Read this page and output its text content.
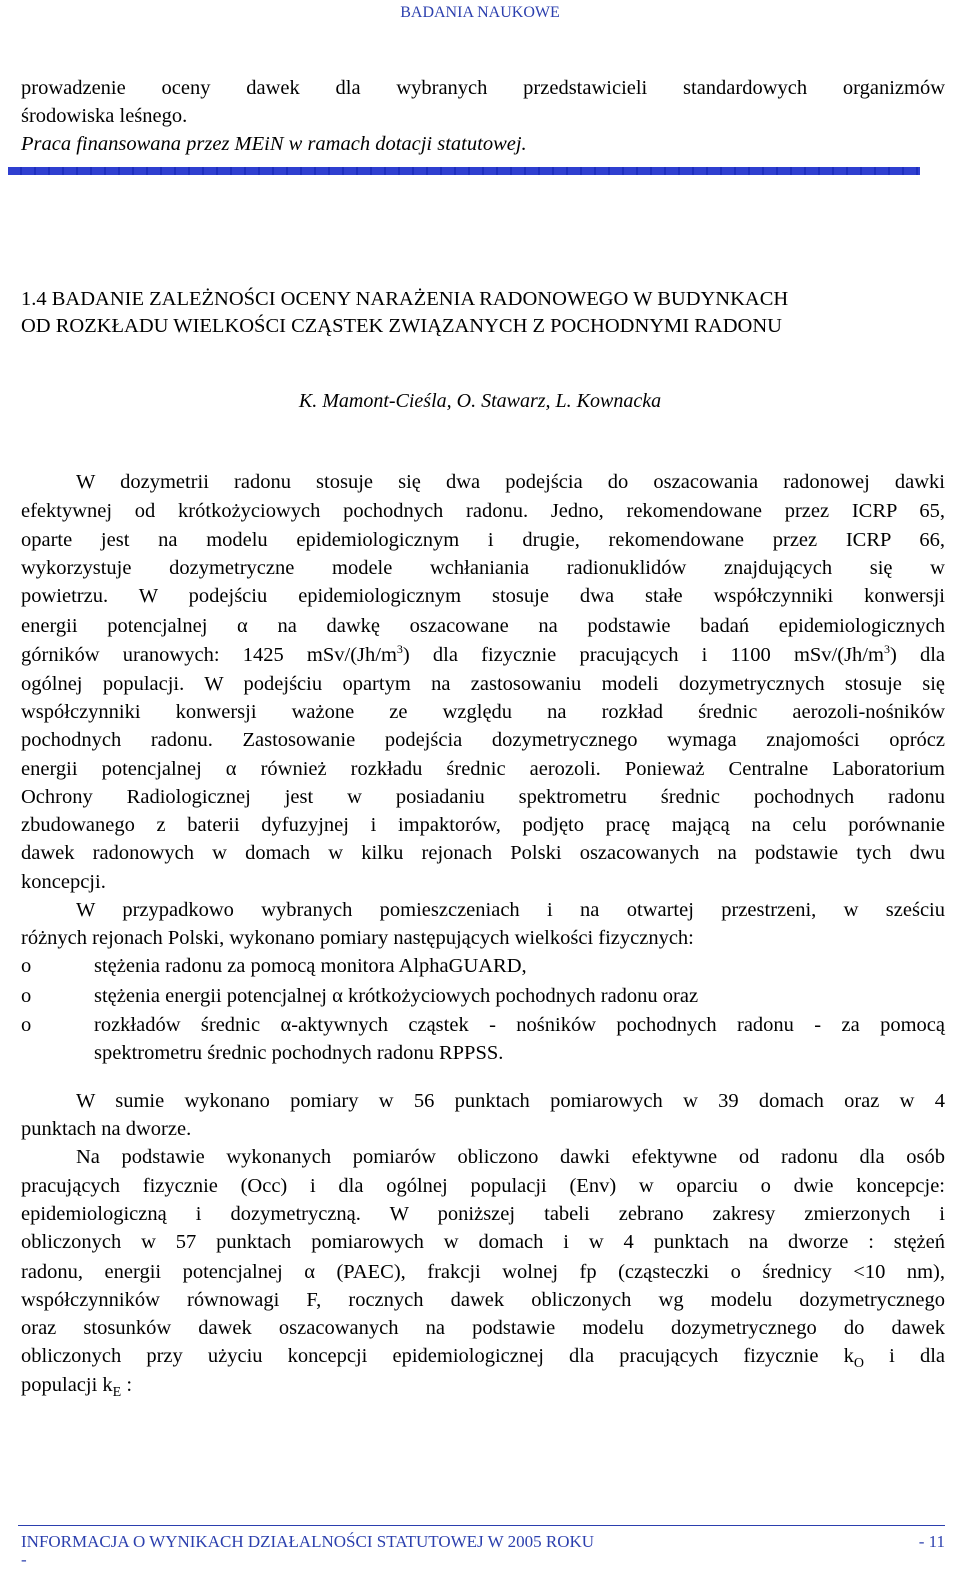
BADANIA NAUKOWE
prowadzenie oceny dawek dla wybranych przedstawicieli standardowych organizmów
środowiska leśnego.
Praca finansowana przez MEiN w ramach dotacji statutowej.
1.4 BADANIE ZALEŻNOŚCI OCENY NARAŻENIA RADONOWEGO W BUDYNKACH
OD ROZKŁADU WIELKOŚCI CZĄSTEK ZWIĄZANYCH Z POCHODNYMI RADONU
K. Mamont-Cieśla, O. Stawarz, L. Kownacka
W dozymetrii radonu stosuje się dwa podejścia do oszacowania radonowej dawki
efektywnej od krótkożyciowych pochodnych radonu. Jedno, rekomendowane przez ICRP 65,
oparte jest na modelu epidemiologicznym i drugie, rekomendowane przez ICRP 66,
wykorzystuje dozymetryczne modele wchłaniania radionuklidów znajdujących się w
powietrzu. W podejściu epidemiologicznym stosuje dwa stałe współczynniki konwersji
energii potencjalnej α na dawkę oszacowane na podstawie badań epidemiologicznych
górników uranowych: 1425 mSv/$(Jh/m^3)$ dla fizycznie pracujących i 1100 mSv/$(Jh/m^3)$ dla
ogólnej populacji. W podejściu opartym na zastosowaniu modeli dozymetrycznych stosuje się
współczynniki konwersji ważone ze względu na rozkład średnic aerozoli-nośników
pochodnych radonu. Zastosowanie podejścia dozymetrycznego wymaga znajomości oprócz
energii potencjalnej α również rozkładu średnic aerozoli. Ponieważ Centralne Laboratorium
Ochrony Radiologicznej jest w posiadaniu spektrometru średnic pochodnych radonu
zbudowanego z baterii dyfuzyjnej i impaktorów, podjęto pracę mającą na celu porównanie
dawek radonowych w domach w kilku rejonach Polski oszacowanych na podstawie tych dwu
koncepcji.
W przypadkowo wybranych pomieszczeniach i na otwartej przestrzeni, w sześciu
różnych rejonach Polski, wykonano pomiary następujących wielkości fizycznych:
o	stężenia radonu za pomocą monitora AlphaGUARD,
o	stężenia energii potencjalnej α krótkożyciowych pochodnych radonu oraz
o	rozkładów średnic α-aktywnych cząstek - nośników pochodnych radonu - za pomocą
spektrometru średnic pochodnych radonu RPPSS.
W sumie wykonano pomiary w 56 punktach pomiarowych w 39 domach oraz w 4
punktach na dworze.
Na podstawie wykonanych pomiarów obliczono dawki efektywne od radonu dla osób
pracujących fizycznie (Occ) i dla ogólnej populacji (Env) w oparciu o dwie koncepcje:
epidemiologiczną i dozymetryczną. W poniższej tabeli zebrano zakresy zmierzonych i
obliczonych w 57 punktach pomiarowych w domach i w 4 punktach na dworze : stężeń
radonu, energii potencjalnej α (PAEC), frakcji wolnej fp (cząsteczki o średnicy <10 nm),
współczynników równowagi F, rocznych dawek obliczonych wg modelu dozymetrycznego
oraz stosunków dawek oszacowanych na podstawie modelu dozymetrycznego do dawek
obliczonych przy użyciu koncepcji epidemiologicznej dla pracujących fizycznie $k_O$ i dla
populacji $k_E$ :
INFORMACJA O WYNIKACH DZIAŁALNOŚCI STATUTOWEJ W 2005 ROKU	- 11
-
